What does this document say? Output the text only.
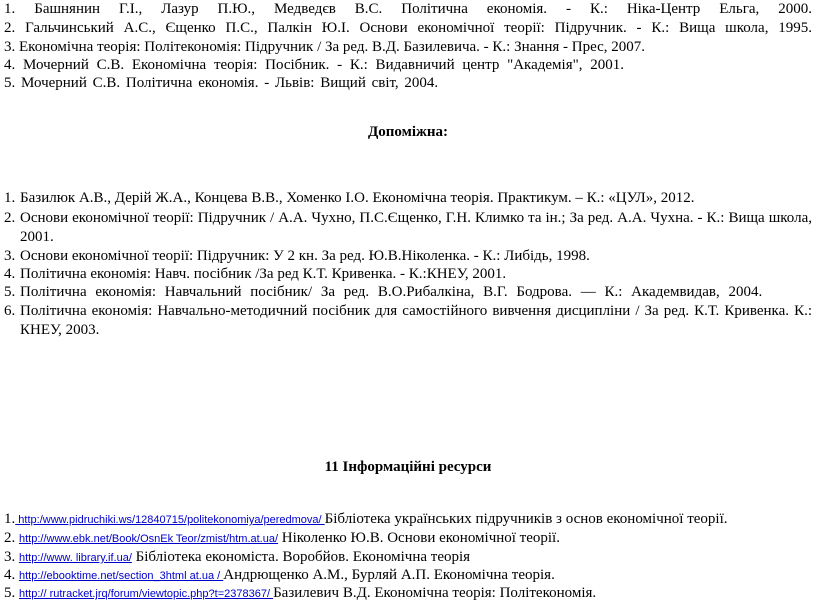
1. Башнянин Г.І., Лазур П.Ю., Медведєв В.С. Політична економія. - К.: Ніка-Центр Ельга, 2000.
2. Гальчинський А.С., Єщенко П.С., Палкін Ю.І. Основи економічної теорії: Підручник. - К.: Вища школа, 1995.
3. Економічна теорія: Політекономія: Підручник / За ред. В.Д. Базилевича. - К.: Знання - Прес, 2007.
4. Мочерний С.В. Економічна теорія: Посібник. - К.: Видавничий центр "Академія", 2001.
5. Мочерний С.В. Політична економія. - Львів: Вищий світ, 2004.
Допоміжна:
1. Базилюк А.В., Дерій Ж.А., Концева В.В., Хоменко І.О. Економічна теорія. Практикум. – К.: «ЦУЛ», 2012.
2. Основи економічної теорії: Підручник / А.А. Чухно, П.С.Єщенко, Г.Н. Климко та ін.; За ред. А.А. Чухна. - К.: Вища школа, 2001.
3. Основи економічної теорії: Підручник: У 2 кн. За ред. Ю.В.Ніколенка. - К.: Либідь, 1998.
4. Політична економія: Навч. посібник /За ред К.Т. Кривенка. - К.:КНЕУ, 2001.
5. Політична економія: Навчальний посібник/ За ред. В.О.Рибалкіна, В.Г. Бодрова. — К.: Академвидав, 2004.
6. Політична економія: Навчально-методичний посібник для самостійного вивчення дисципліни / За ред. К.Т. Кривенка. К.: КНЕУ, 2003.
11 Інформаційні ресурси
1. http:/www.pidruchiki.ws/12840715/politekonomiya/peredmova/ Бібліотека українських підручників з основ економічної теорії.
2. http://www.ebk.net/Book/OsnEk Teor/zmist/htm.at.ua/ Ніколенко Ю.В. Основи економічної теорії.
3. http://www. library.if.ua/ Бібліотека економіста. Воробйов. Економічна теорія
4. http://ebooktime.net/section_3html at.ua / Андрющенко А.М., Бурляй А.П. Економічна теорія.
5. http:// rutracket.jrq/forum/viewtopic.php?t=2378367/ Базилевич В.Д. Економічна теорія: Політекономія.
